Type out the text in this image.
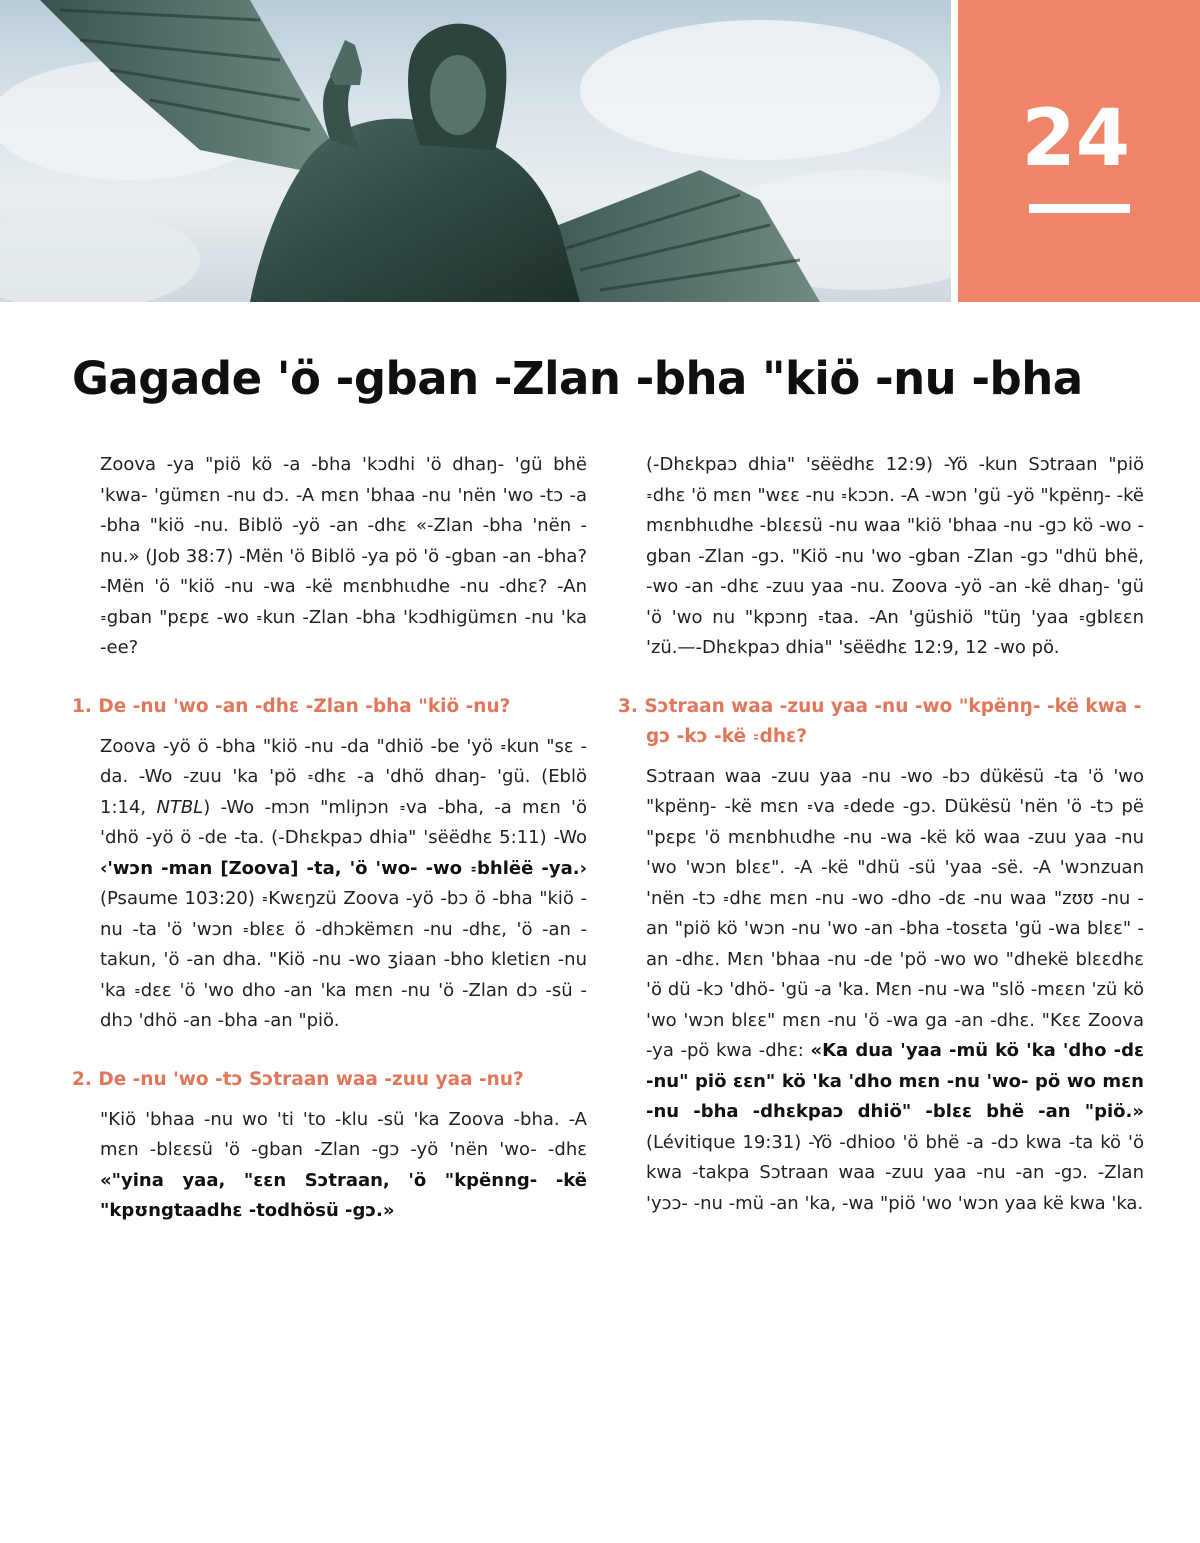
24
Gagade 'ö -gban -Zlan -bha "kiö -nu -bha

Zoova -ya "piö kö -a -bha 'kɔdhi 'ö dhaŋ- 'gü bhë 'kwa- 'gümɛn -nu dɔ. -A mɛn 'bhaa -nu 'nën 'wo -tɔ -a -bha "kiö -nu. Biblö -yö -an -dhɛ «-Zlan -bha 'nën -nu.» (Job 38:7) -Mën 'ö Biblö -ya pö 'ö -gban -an -bha? -Mën 'ö "kiö -nu -wa -kë mɛnbhɩɩdhe -nu -dhɛ? -An ꞊gban "pɛpɛ -wo ꞊kun -Zlan -bha 'kɔdhigümɛn -nu 'ka -ee?

1. De -nu 'wo -an -dhɛ -Zlan -bha "kiö -nu?

Zoova -yö ö -bha "kiö -nu -da "dhiö -be 'yö ꞊kun "sɛ -da. -Wo -zuu 'ka 'pö ꞊dhɛ -a 'dhö dhaŋ- 'gü. (Eblö 1:14, NTBL) -Wo -mɔn "mliɲɔn ꞊va -bha, -a mɛn 'ö 'dhö -yö ö -de -ta. (-Dhɛkpaɔ dhia" 'sëëdhɛ 5:11) -Wo ‹'wɔn -man [Zoova] -ta, 'ö 'wo- -wo ꞊bhlëë -ya.› (Psaume 103:20) ꞊Kwɛŋzü Zoova -yö -bɔ ö -bha "kiö -nu -ta 'ö 'wɔn ꞊blɛɛ ö -dhɔkëmɛn -nu -dhɛ, 'ö -an -takun, 'ö -an dha. "Kiö -nu -wo ʒiaan -bho kletiɛn -nu 'ka ꞊dɛɛ 'ö 'wo dho -an 'ka mɛn -nu 'ö -Zlan dɔ -sü -dhɔ 'dhö -an -bha -an "piö.

2. De -nu 'wo -tɔ Sɔtraan waa -zuu yaa -nu?

"Kiö 'bhaa -nu wo 'ti 'to -klu -sü 'ka Zoova -bha. -A mɛn -blɛɛsü 'ö -gban -Zlan -gɔ -yö 'nën 'wo- -dhɛ «"yina yaa, "ɛɛn Sɔtraan, 'ö "kpënng- -kë "kpʊngtaadhɛ -todhösü -gɔ.»

(-Dhɛkpaɔ dhia" 'sëëdhɛ 12:9) -Yö -kun Sɔtraan "piö ꞊dhɛ 'ö mɛn "wɛɛ -nu ꞊kɔɔn. -A -wɔn 'gü -yö "kpënŋ- -kë mɛnbhɩɩdhe -blɛɛsü -nu waa "kiö 'bhaa -nu -gɔ kö -wo -gban -Zlan -gɔ. "Kiö -nu 'wo -gban -Zlan -gɔ "dhü bhë, -wo -an -dhɛ -zuu yaa -nu. Zoova -yö -an -kë dhaŋ- 'gü 'ö 'wo nu "kpɔnŋ ꞊taa. -An 'güshiö "tüŋ 'yaa ꞊gblɛɛn 'zü.—-Dhɛkpaɔ dhia" 'sëëdhɛ 12:9, 12 -wo pö.

3. Sɔtraan waa -zuu yaa -nu -wo "kpënŋ- -kë kwa -gɔ -kɔ -kë ꞊dhɛ?

Sɔtraan waa -zuu yaa -nu -wo -bɔ dükësü -ta 'ö 'wo "kpënŋ- -kë mɛn ꞊va ꞊dede -gɔ. Dükësü 'nën 'ö -tɔ pë "pɛpɛ 'ö mɛnbhɩɩdhe -nu -wa -kë kö waa -zuu yaa -nu 'wo 'wɔn blɛɛ". -A -kë "dhü -sü 'yaa -së. -A 'wɔnzuan 'nën -tɔ ꞊dhɛ mɛn -nu -wo -dho -dɛ -nu waa "zʊʊ -nu -an "piö kö 'wɔn -nu 'wo -an -bha -tosɛta 'gü -wa blɛɛ" -an -dhɛ. Mɛn 'bhaa -nu -de 'pö -wo wo "dhekë blɛɛdhɛ 'ö dü -kɔ 'dhö- 'gü -a 'ka. Mɛn -nu -wa "slö -mɛɛn 'zü kö 'wo 'wɔn blɛɛ" mɛn -nu 'ö -wa ga -an -dhɛ. "Kɛɛ Zoova -ya -pö kwa -dhɛ: «Ka dua 'yaa -mü kö 'ka 'dho -dɛ -nu" piö ɛɛn" kö 'ka 'dho mɛn -nu 'wo- pö wo mɛn -nu -bha -dhɛkpaɔ dhiö" -blɛɛ bhë -an "piö.» (Lévitique 19:31) -Yö -dhioo 'ö bhë -a -dɔ kwa -ta kö 'ö kwa -takpa Sɔtraan waa -zuu yaa -nu -an -gɔ. -Zlan 'yɔɔ- -nu -mü -an 'ka, -wa "piö 'wo 'wɔn yaa kë kwa 'ka.
